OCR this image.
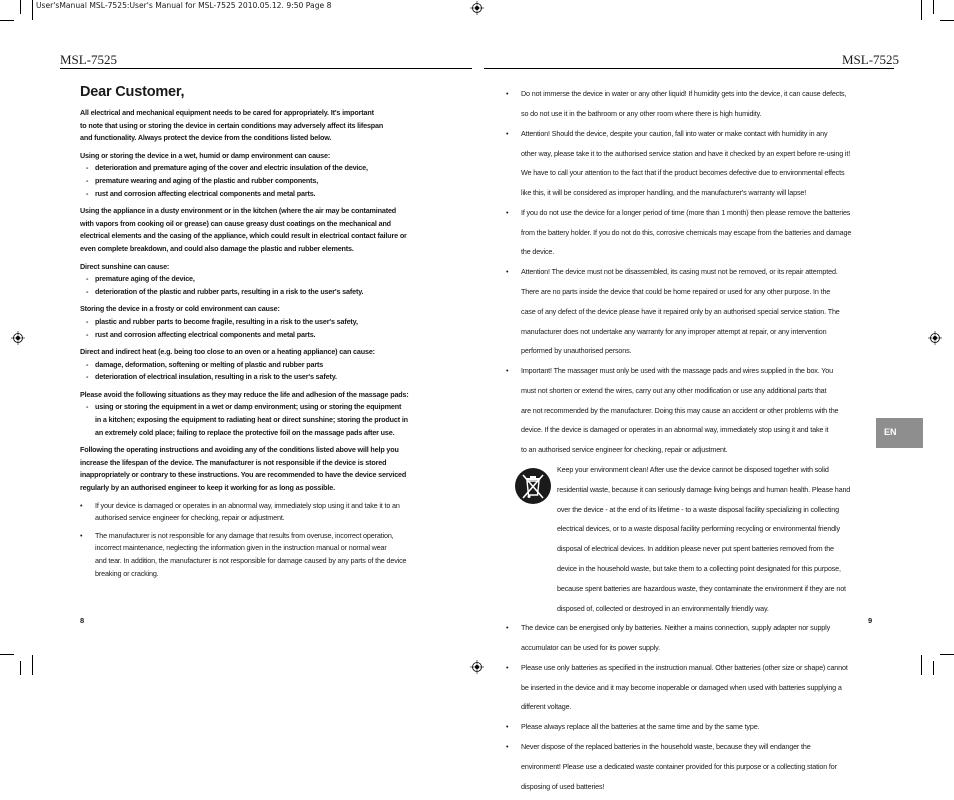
User'sManual MSL-7525:User's Manual for MSL-7525 2010.05.12. 9:50 Page 8
MSL-7525
Dear Customer,

All electrical and mechanical equipment needs to be cared for appropriately. It's important

to note that using or storing the device in certain conditions may adversely affect its lifespan

and functionality. Always protect the device from the conditions listed below.

Using or storing the device in a wet, humid or damp environment can cause:

- deterioration and premature aging of the cover and electric insulation of the device,

- premature wearing and aging of the plastic and rubber components,

- rust and corrosion affecting electrical components and metal parts.

Using the appliance in a dusty environment or in the kitchen (where the air may be contaminated

with vapors from cooking oil or grease) can cause greasy dust coatings on the mechanical and

electrical elements and the casing of the appliance, which could result in electrical contact failure or

even complete breakdown, and could also damage the plastic and rubber elements.

Direct sunshine can cause:

- premature aging of the device,

- deterioration of the plastic and rubber parts, resulting in a risk to the user's safety.

Storing the device in a frosty or cold environment can cause:

- plastic and rubber parts to become fragile, resulting in a risk to the user's safety,

- rust and corrosion affecting electrical components and metal parts.

Direct and indirect heat (e.g. being too close to an oven or a heating appliance) can cause:

- damage, deformation, softening or melting of plastic and rubber parts

- deterioration of electrical insulation, resulting in a risk to the user's safety.

Please avoid the following situations as they may reduce the life and adhesion of the massage pads:

- using or storing the equipment in a wet or damp environment; using or storing the equipment

in a kitchen; exposing the equipment to radiating heat or direct sunshine; storing the product in

an extremely cold place; failing to replace the protective foil on the massage pads after use.

Following the operating instructions and avoiding any of the conditions listed above will help you

increase the lifespan of the device. The manufacturer is not responsible if the device is stored

inappropriately or contrary to these instructions. You are recommended to have the device serviced

regularly by an authorised engineer to keep it working for as long as possible.

• If your device is damaged or operates in an abnormal way, immediately stop using it and take it to an

authorised service engineer for checking, repair or adjustment.

• The manufacturer is not responsible for any damage that results from overuse, incorrect operation,

incorrect maintenance, neglecting the information given in the instruction manual or normal wear

and tear. In addition, the manufacturer is not responsible for damage caused by any parts of the device

breaking or cracking.

8
MSL-7525
• Do not immerse the device in water or any other liquid! If humidity gets into the device, it can cause defects,

so do not use it in the bathroom or any other room where there is high humidity.

• Attention! Should the device, despite your caution, fall into water or make contact with humidity in any

other way, please take it to the authorised service station and have it checked by an expert before re-using it!

We have to call your attention to the fact that if the product becomes defective due to environmental effects

like this, it will be considered as improper handling, and the manufacturer's warranty will lapse!

• If you do not use the device for a longer period of time (more than 1 month) then please remove the batteries

from the battery holder. If you do not do this, corrosive chemicals may escape from the batteries and damage

the device.

• Attention! The device must not be disassembled, its casing must not be removed, or its repair attempted.

There are no parts inside the device that could be home repaired or used for any other purpose. In the

case of any defect of the device please have it repaired only by an authorised special service station. The

manufacturer does not undertake any warranty for any improper attempt at repair, or any intervention

performed by unauthorised persons.

• Important! The massager must only be used with the massage pads and wires supplied in the box. You

must not shorten or extend the wires, carry out any other modification or use any additional parts that

are not recommended by the manufacturer. Doing this may cause an accident or other problems with the

device. If the device is damaged or operates in an abnormal way, immediately stop using it and take it

to an authorised service engineer for checking, repair or adjustment.

Keep your environment clean! After use the device cannot be disposed together with solid

residential waste, because it can seriously damage living beings and human health. Please hand

over the device - at the end of its lifetime - to a waste disposal facility specializing in collecting

electrical devices, or to a waste disposal facility performing recycling or environmental friendly

disposal of electrical devices. In addition please never put spent batteries removed from the

device in the household waste, but take them to a collecting point designated for this purpose,

because spent batteries are hazardous waste, they contaminate the environment if they are not

disposed of, collected or destroyed in an environmentally friendly way.

• The device can be energised only by batteries. Neither a mains connection, supply adapter nor supply

accumulator can be used for its power supply.

• Please use only batteries as specified in the instruction manual. Other batteries (other size or shape) cannot

be inserted in the device and it may become inoperable or damaged when used with batteries supplying a

different voltage.

• Please always replace all the batteries at the same time and by the same type.

• Never dispose of the replaced batteries in the household waste, because they will endanger the

environment! Please use a dedicated waste container provided for this purpose or a collecting station for

disposing of used batteries!

EN
9
